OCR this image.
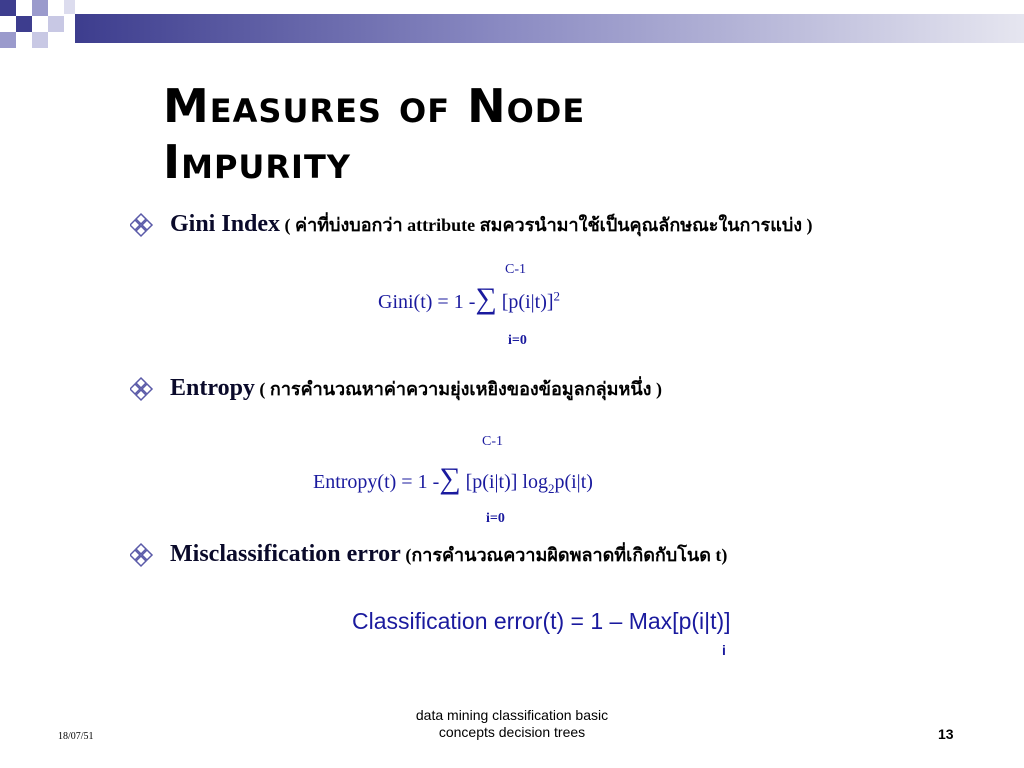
Measures of Node
Impurity
Gini Index ( ค่าที่บ่งบอกว่า attribute สมควรนำมาใช้เป็นคุณลักษณะในการแบ่ง )
C-1
Gini(t) = 1 -∑ $[p(i|t)]^2$
i=0
Entropy ( การคำนวณหาค่าความยุ่งเหยิงของข้อมูลกลุ่มหนึ่ง )
C-1
Entropy(t) = 1 -∑ [p(i|t)] $\log_2p(i|t)$
i=0
Misclassification error (การคำนวณความผิดพลาดที่เกิดกับโนด t)
Classification error(t) = 1 – Max[p(i|t)]
i
data mining classification basic
concepts decision trees
18/07/51	13
